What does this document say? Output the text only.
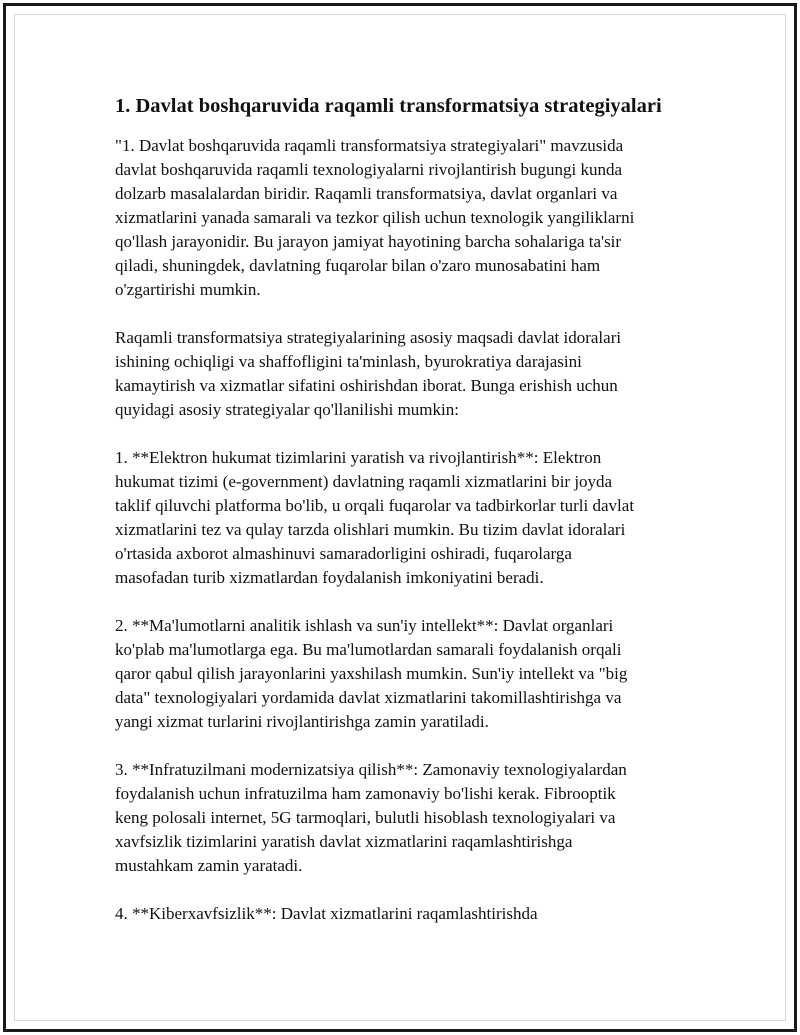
1. Davlat boshqaruvida raqamli transformatsiya strategiyalari

"1. Davlat boshqaruvida raqamli transformatsiya strategiyalari" mavzusida
davlat boshqaruvida raqamli texnologiyalarni rivojlantirish bugungi kunda
dolzarb masalalardan biridir. Raqamli transformatsiya, davlat organlari va
xizmatlarini yanada samarali va tezkor qilish uchun texnologik yangiliklarni
qo'llash jarayonidir. Bu jarayon jamiyat hayotining barcha sohalariga ta'sir
qiladi, shuningdek, davlatning fuqarolar bilan o'zaro munosabatini ham
o'zgartirishi mumkin.

Raqamli transformatsiya strategiyalarining asosiy maqsadi davlat idoralari
ishining ochiqligi va shaffofligini ta'minlash, byurokratiya darajasini
kamaytirish va xizmatlar sifatini oshirishdan iborat. Bunga erishish uchun
quyidagi asosiy strategiyalar qo'llanilishi mumkin:

1. **Elektron hukumat tizimlarini yaratish va rivojlantirish**: Elektron
hukumat tizimi (e-government) davlatning raqamli xizmatlarini bir joyda
taklif qiluvchi platforma bo'lib, u orqali fuqarolar va tadbirkorlar turli davlat
xizmatlarini tez va qulay tarzda olishlari mumkin. Bu tizim davlat idoralari
o'rtasida axborot almashinuvi samaradorligini oshiradi, fuqarolarga
masofadan turib xizmatlardan foydalanish imkoniyatini beradi.

2. **Ma'lumotlarni analitik ishlash va sun'iy intellekt**: Davlat organlari
ko'plab ma'lumotlarga ega. Bu ma'lumotlardan samarali foydalanish orqali
qaror qabul qilish jarayonlarini yaxshilash mumkin. Sun'iy intellekt va "big
data" texnologiyalari yordamida davlat xizmatlarini takomillashtirishga va
yangi xizmat turlarini rivojlantirishga zamin yaratiladi.

3. **Infratuzilmani modernizatsiya qilish**: Zamonaviy texnologiyalardan
foydalanish uchun infratuzilma ham zamonaviy bo'lishi kerak. Fibrooptik
keng polosali internet, 5G tarmoqlari, bulutli hisoblash texnologiyalari va
xavfsizlik tizimlarini yaratish davlat xizmatlarini raqamlashtirishga
mustahkam zamin yaratadi.

4. **Kiberxavfsizlik**: Davlat xizmatlarini raqamlashtirishda
